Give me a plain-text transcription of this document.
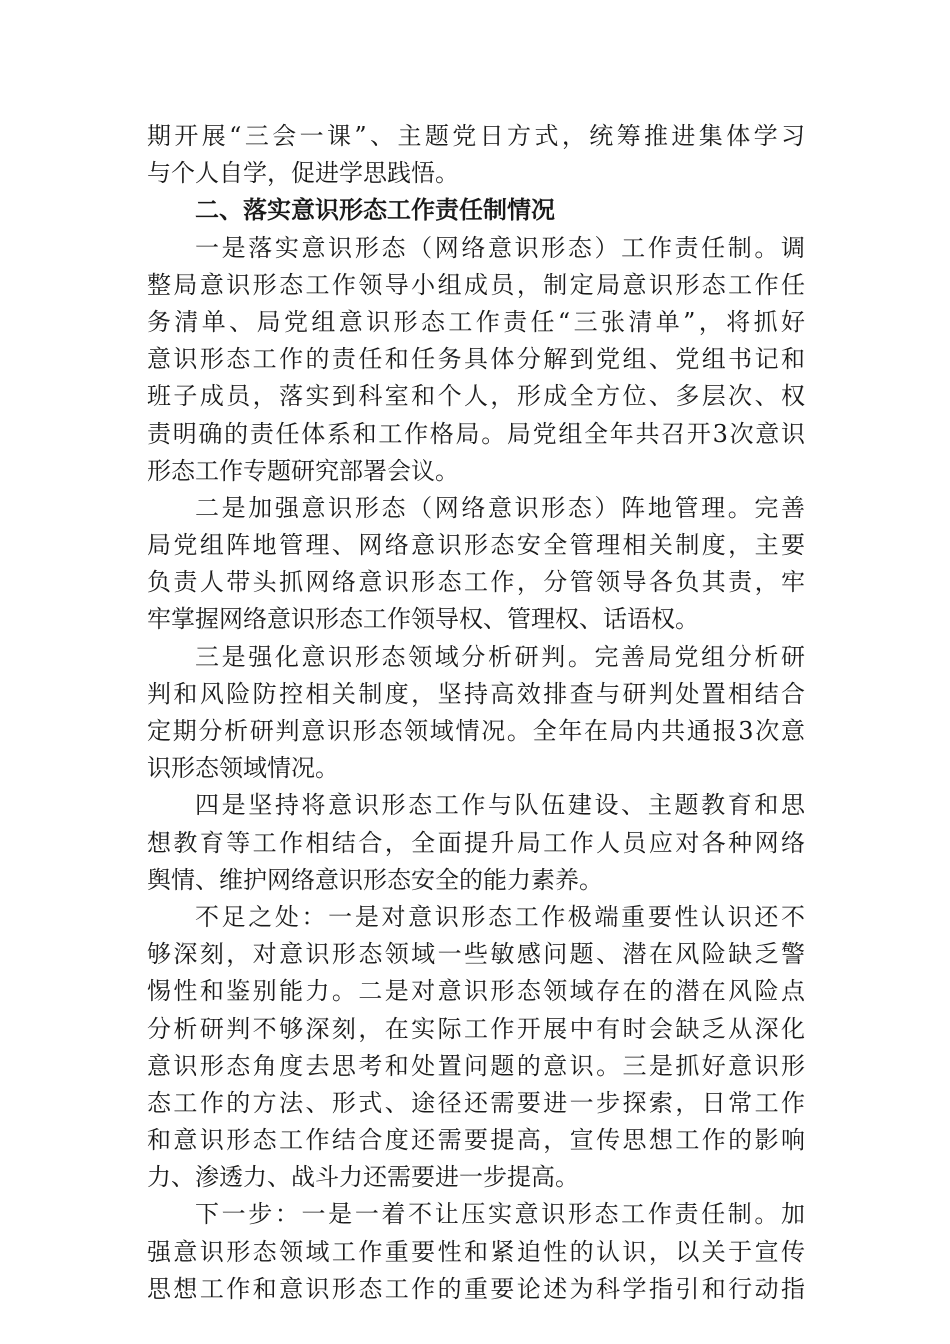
期开展“三会一课”、主题党日方式，统筹推进集体学习
与个人自学，促进学思践悟。
二、落实意识形态工作责任制情况
一是落实意识形态（网络意识形态）工作责任制。调
整局意识形态工作领导小组成员，制定局意识形态工作任
务清单、局党组意识形态工作责任“三张清单”，将抓好
意识形态工作的责任和任务具体分解到党组、党组书记和
班子成员，落实到科室和个人，形成全方位、多层次、权
责明确的责任体系和工作格局。局党组全年共召开3次意识
形态工作专题研究部署会议。
二是加强意识形态（网络意识形态）阵地管理。完善
局党组阵地管理、网络意识形态安全管理相关制度，主要
负责人带头抓网络意识形态工作，分管领导各负其责，牢
牢掌握网络意识形态工作领导权、管理权、话语权。
三是强化意识形态领域分析研判。完善局党组分析研
判和风险防控相关制度，坚持高效排查与研判处置相结合
定期分析研判意识形态领域情况。全年在局内共通报3次意
识形态领域情况。
四是坚持将意识形态工作与队伍建设、主题教育和思
想教育等工作相结合，全面提升局工作人员应对各种网络
舆情、维护网络意识形态安全的能力素养。
不足之处：一是对意识形态工作极端重要性认识还不
够深刻，对意识形态领域一些敏感问题、潜在风险缺乏警
惕性和鉴别能力。二是对意识形态领域存在的潜在风险点
分析研判不够深刻，在实际工作开展中有时会缺乏从深化
意识形态角度去思考和处置问题的意识。三是抓好意识形
态工作的方法、形式、途径还需要进一步探索，日常工作
和意识形态工作结合度还需要提高，宣传思想工作的影响
力、渗透力、战斗力还需要进一步提高。
下一步：一是一着不让压实意识形态工作责任制。加
强意识形态领域工作重要性和紧迫性的认识，以关于宣传
思想工作和意识形态工作的重要论述为科学指引和行动指
